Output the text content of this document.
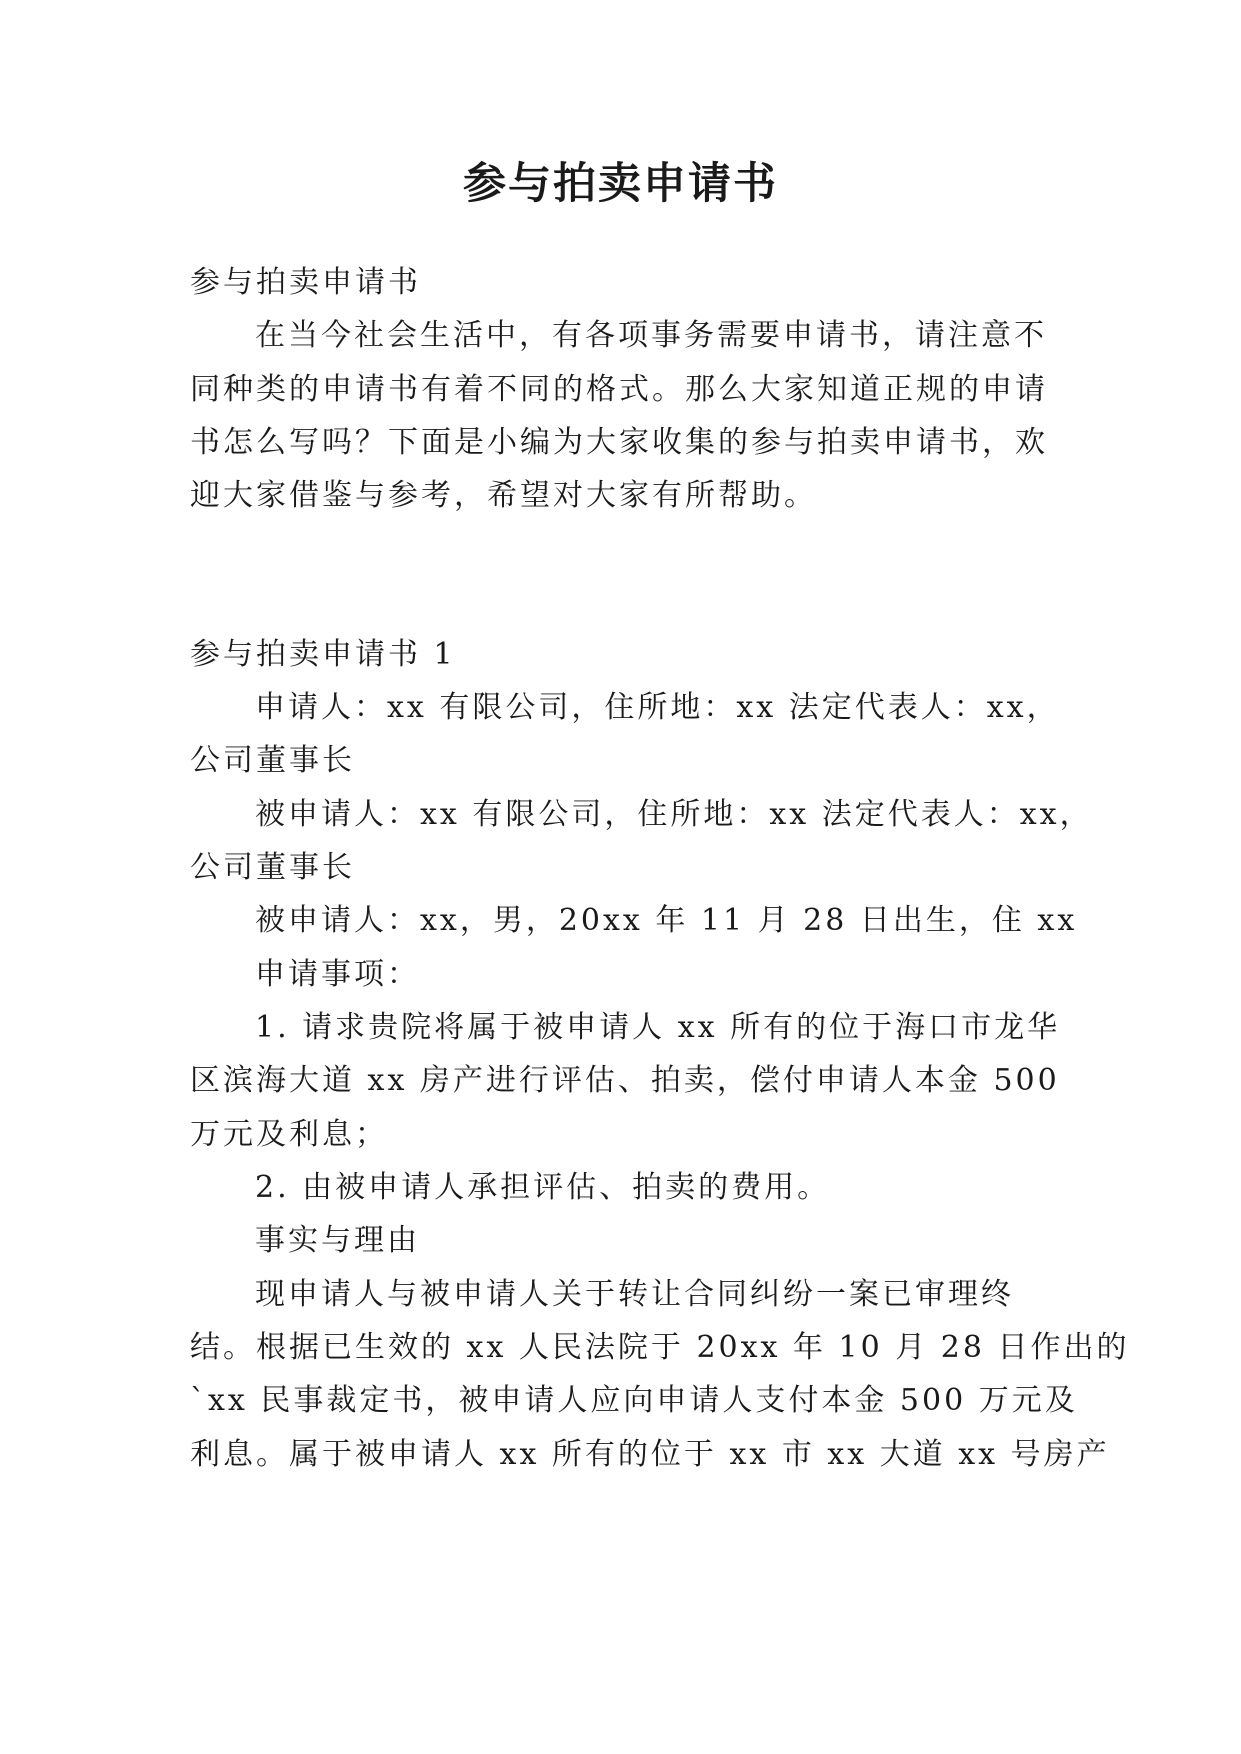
参与拍卖申请书

参与拍卖申请书

在当今社会生活中，有各项事务需要申请书，请注意不

同种类的申请书有着不同的格式。那么大家知道正规的申请

书怎么写吗？下面是小编为大家收集的参与拍卖申请书，欢

迎大家借鉴与参考，希望对大家有所帮助。

参与拍卖申请书 1

申请人：xx 有限公司，住所地：xx 法定代表人：xx，

公司董事长

被申请人：xx 有限公司，住所地：xx 法定代表人：xx，

公司董事长

被申请人：xx，男，20xx 年 11 月 28 日出生，住 xx

申请事项：

1. 请求贵院将属于被申请人 xx 所有的位于海口市龙华

区滨海大道 xx 房产进行评估、拍卖，偿付申请人本金 500

万元及利息；

2. 由被申请人承担评估、拍卖的费用。

事实与理由

现申请人与被申请人关于转让合同纠纷一案已审理终

结。根据已生效的 xx 人民法院于 20xx 年 10 月 28 日作出的

`xx 民事裁定书，被申请人应向申请人支付本金 500 万元及

利息。属于被申请人 xx 所有的位于 xx 市 xx 大道 xx 号房产
